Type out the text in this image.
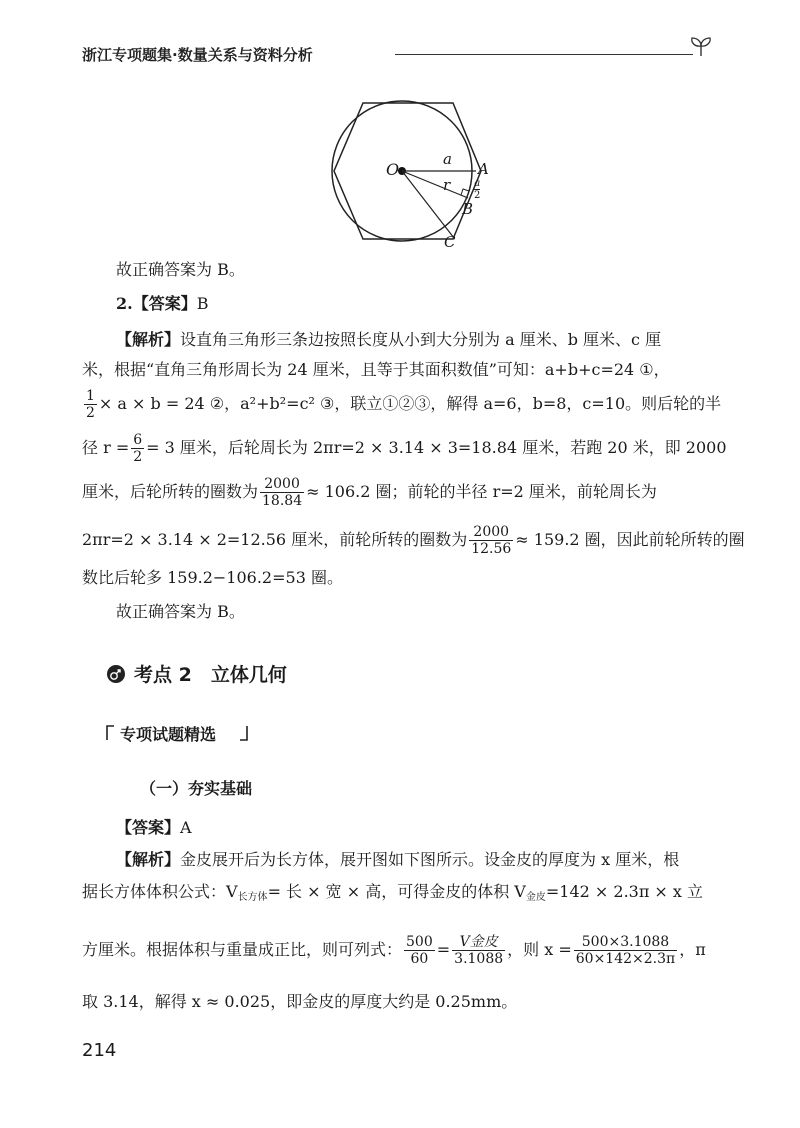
浙江专项题集·数量关系与资料分析
O
a
A
r a
2
B
C
故正确答案为 B。
2.【答案】B
【解析】设直角三角形三条边按照长度从小到大分别为 a 厘米、b 厘米、c 厘
米，根据“直角三角形周长为 24 厘米，且等于其面积数值”可知：a+b+c=24 ①，
$\frac{1}{2} \times a \times b = 24$ ②，a²+b²=c² ③，联立①②③，解得 a=6，b=8，c=10。则后轮的半
径 $r = \frac{6}{2} = 3$ 厘米，后轮周长为 2πr=2 × 3.14 × 3=18.84 厘米，若跑 20 米，即 2000
厘米，后轮所转的圈数为 $\frac{2000}{18.84} \approx 106.2$ 圈；前轮的半径 r=2 厘米，前轮周长为
2πr=2 × 3.14 × 2=12.56 厘米，前轮所转的圈数为 $\frac{2000}{12.56} \approx 159.2$ 圈，因此前轮所转的圈
数比后轮多 159.2−106.2=53 圈。
故正确答案为 B。
考点 2　立体几何
专项试题精选
（一）夯实基础
【答案】A
【解析】金皮展开后为长方体，展开图如下图所示。设金皮的厚度为 x 厘米，根
据长方体体积公式：$V_{长方体}=$ 长 × 宽 × 高，可得金皮的体积 $V_{金皮}=142 \times 2.3\pi \times x$ 立
方厘米。根据体积与重量成正比，则可列式： $\frac{500}{60} = \frac{\text{V金皮}}{3.1088}$ ，则 $x = \frac{500\times 3.1088}{60\times 142\times 2.3\pi}$ ，π
取 3.14，解得 x ≈ 0.025，即金皮的厚度大约是 0.25mm。
214
